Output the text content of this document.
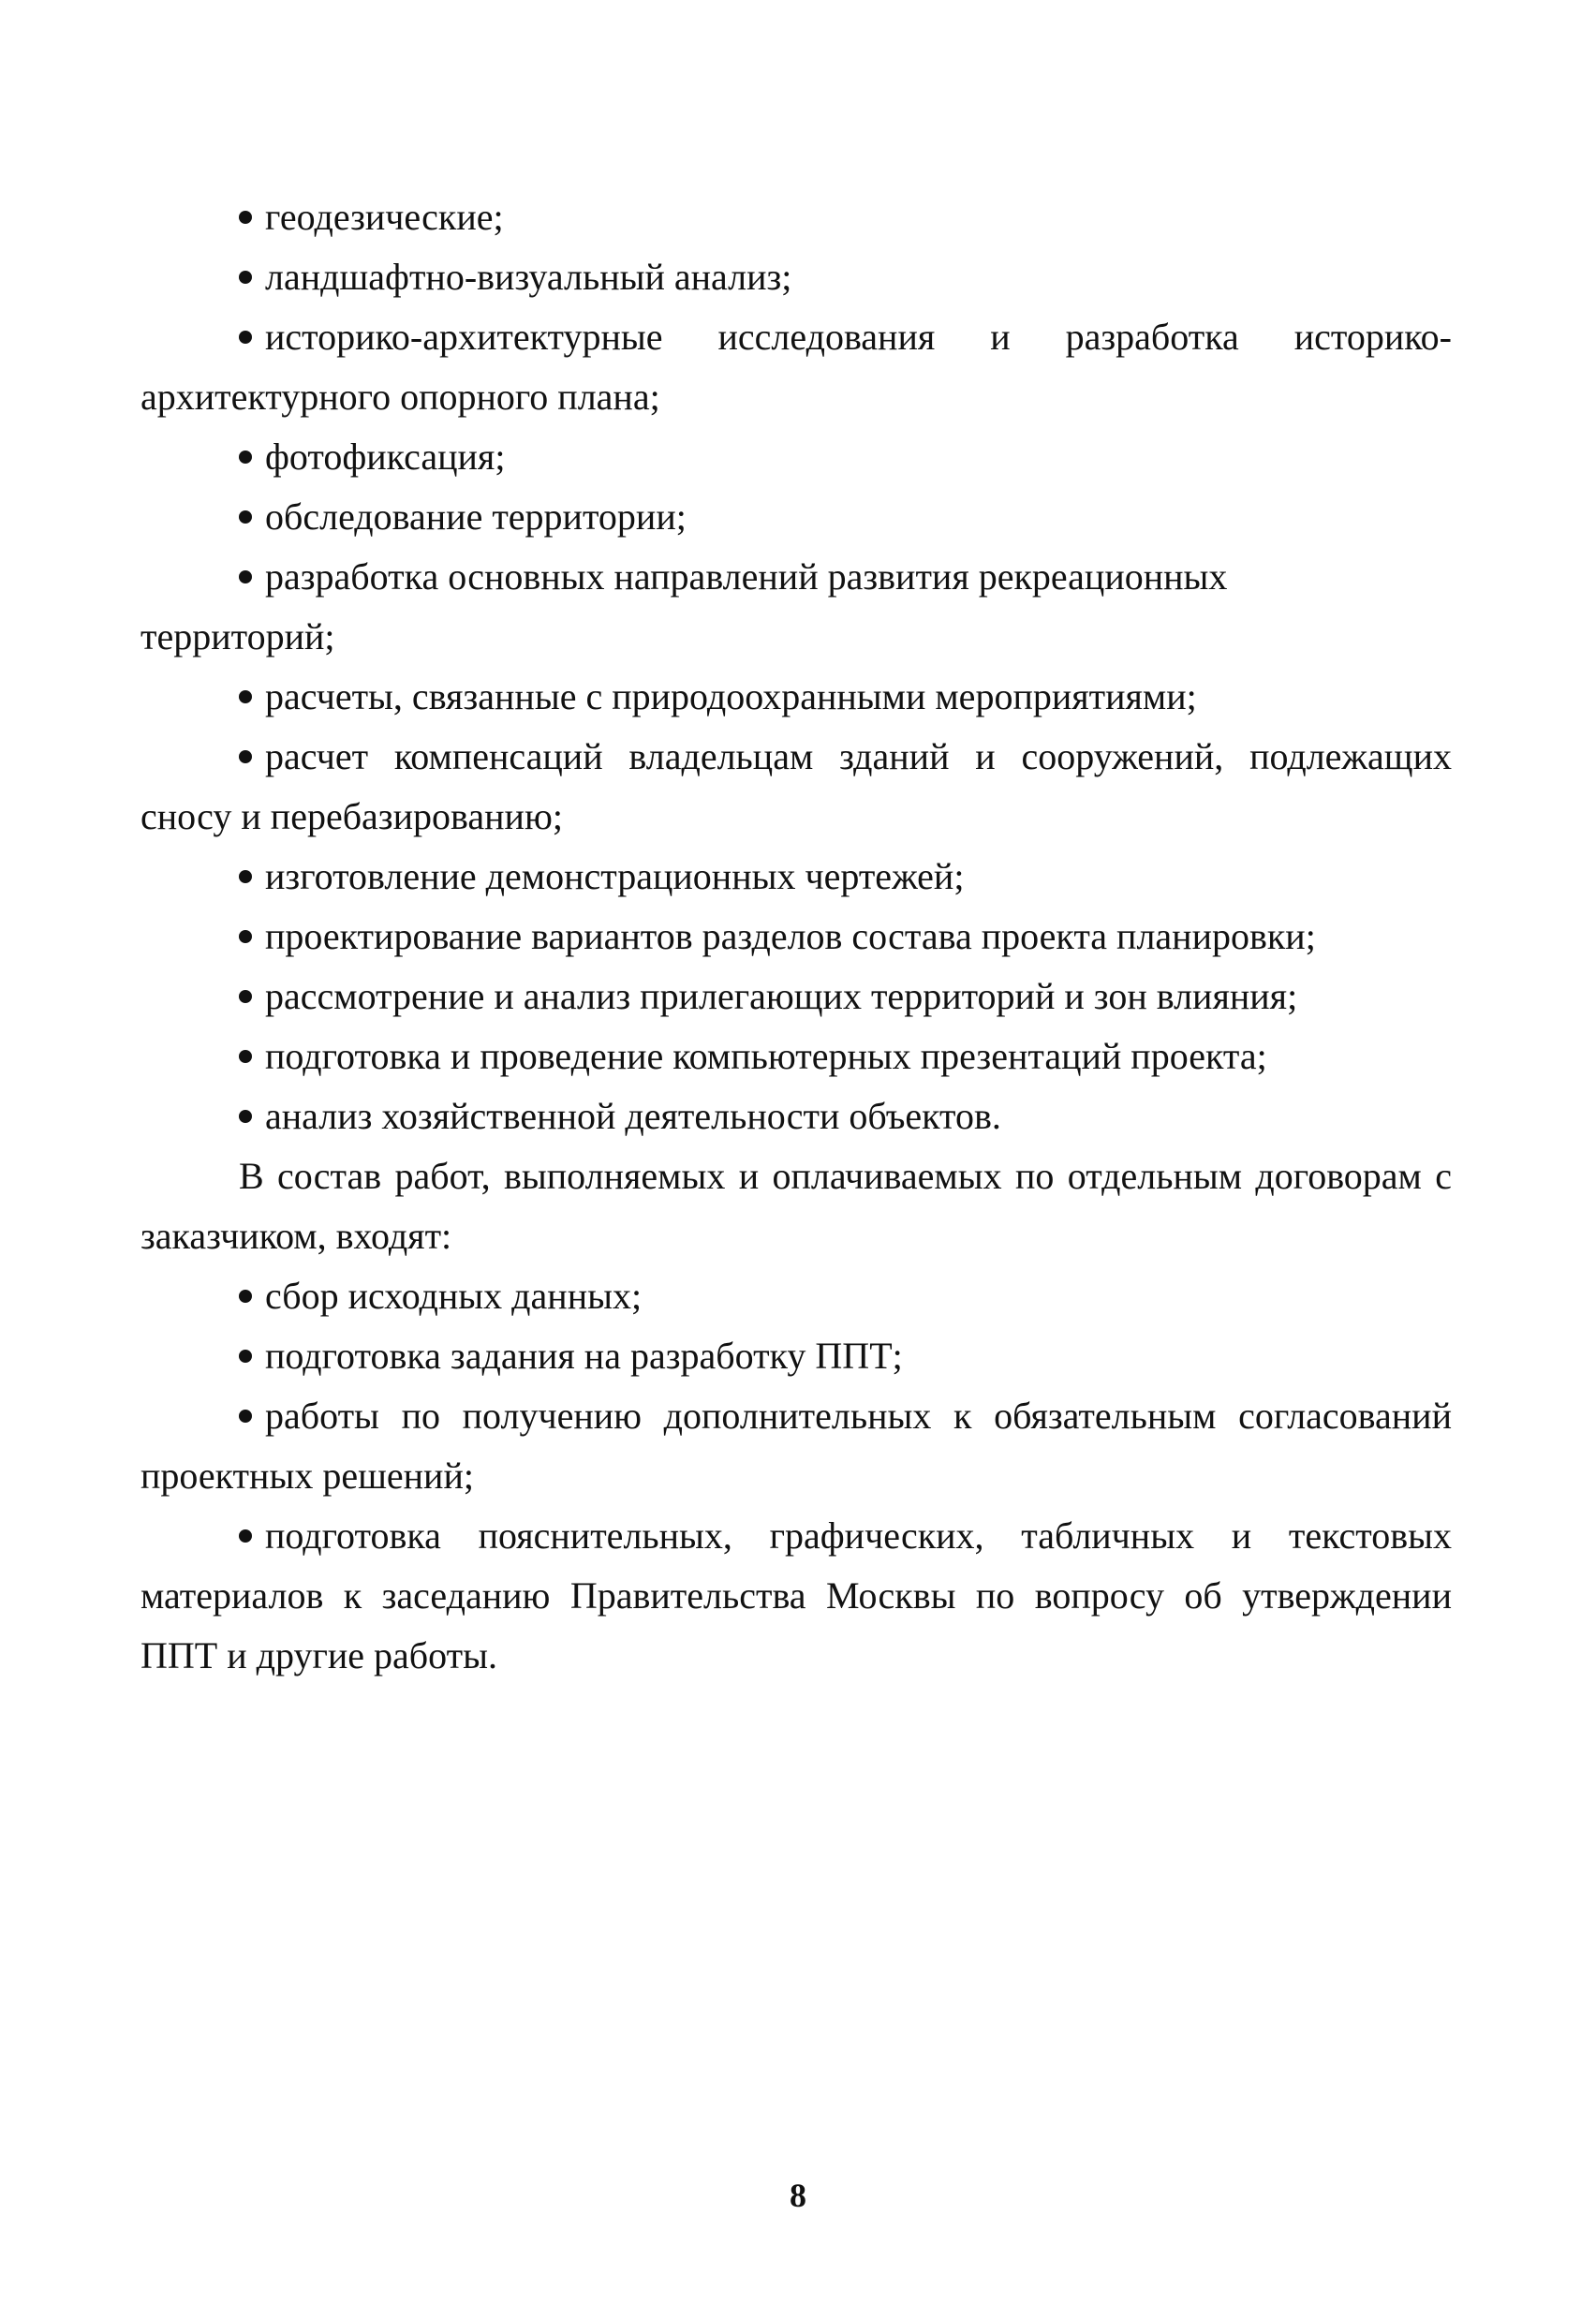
геодезические;
ландшафтно-визуальный анализ;
историко-архитектурные исследования и разработка историко-
архитектурного опорного плана;
фотофиксация;
обследование территории;
разработка основных направлений развития рекреационных
территорий;
расчеты, связанные с природоохранными мероприятиями;
расчет компенсаций владельцам зданий и сооружений, подлежащих
сносу и перебазированию;
изготовление демонстрационных чертежей;
проектирование вариантов разделов состава проекта планировки;
рассмотрение и анализ прилегающих территорий и зон влияния;
подготовка и проведение компьютерных презентаций проекта;
анализ хозяйственной деятельности объектов.
В состав работ, выполняемых и оплачиваемых по отдельным договорам с
заказчиком, входят:
сбор исходных данных;
подготовка задания на разработку ППТ;
работы по получению дополнительных к обязательным согласований
проектных решений;
подготовка пояснительных, графических, табличных и текстовых
материалов к заседанию Правительства Москвы по вопросу об утверждении ППТ и другие работы.
8
